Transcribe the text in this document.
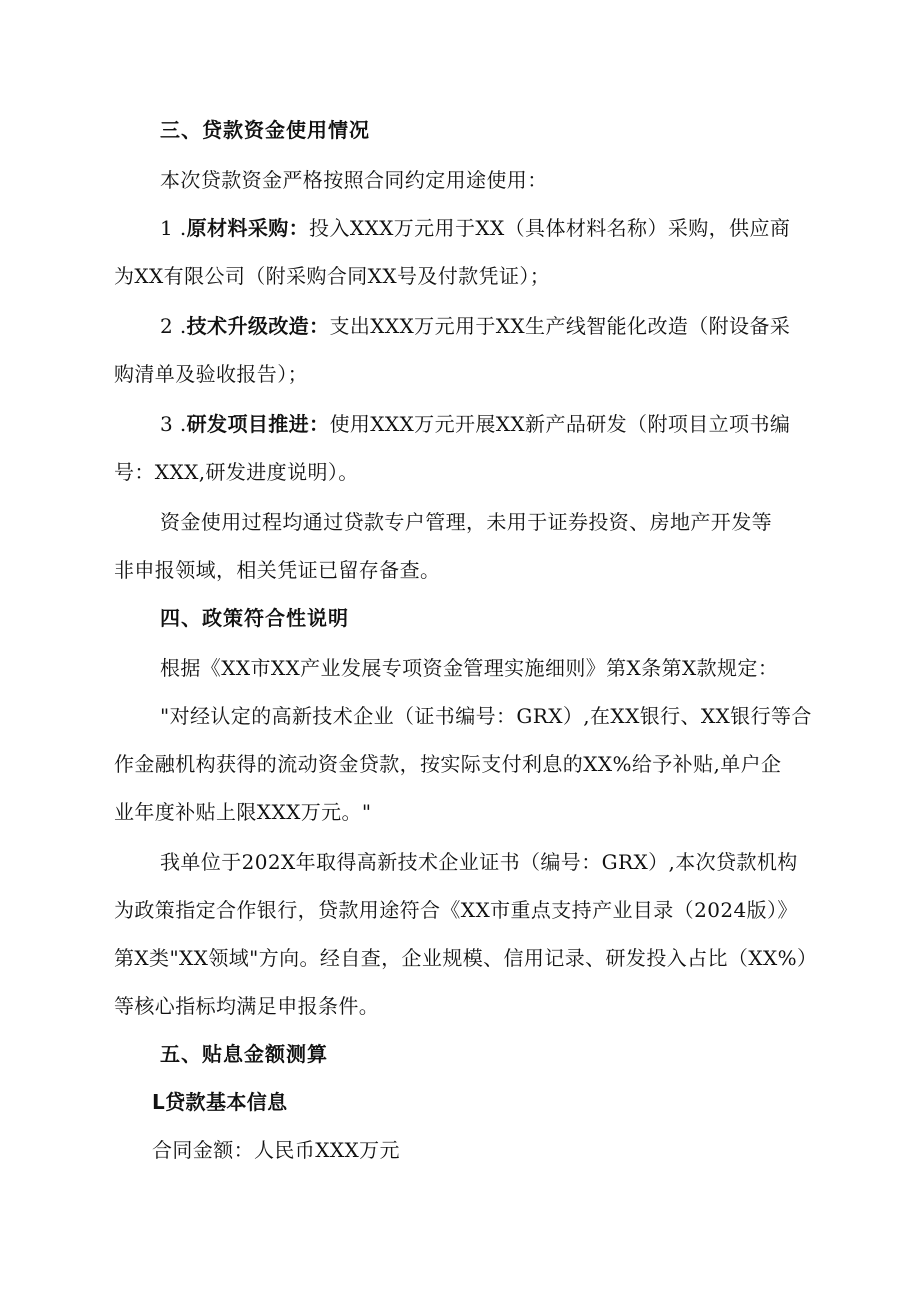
三、贷款资金使用情况
本次贷款资金严格按照合同约定用途使用：
1 .原材料采购：投入XXX万元用于XX（具体材料名称）采购，供应商
为XX有限公司（附采购合同XX号及付款凭证）；
2 .技术升级改造：支出XXX万元用于XX生产线智能化改造（附设备采
购清单及验收报告）；
3 .研发项目推进：使用XXX万元开展XX新产品研发（附项目立项书编
号：XXX,研发进度说明）。
资金使用过程均通过贷款专户管理，未用于证券投资、房地产开发等
非申报领域，相关凭证已留存备查。
四、政策符合性说明
根据《XX市XX产业发展专项资金管理实施细则》第X条第X款规定：
"对经认定的高新技术企业（证书编号：GRX）,在XX银行、XX银行等合
作金融机构获得的流动资金贷款，按实际支付利息的XX%给予补贴,单户企
业年度补贴上限XXX万元。"
我单位于202X年取得高新技术企业证书（编号：GRX）,本次贷款机构
为政策指定合作银行，贷款用途符合《XX市重点支持产业目录（2024版）》
第X类"XX领域"方向。经自查，企业规模、信用记录、研发投入占比（XX%）
等核心指标均满足申报条件。
五、贴息金额测算
L贷款基本信息
合同金额：人民币XXX万元
